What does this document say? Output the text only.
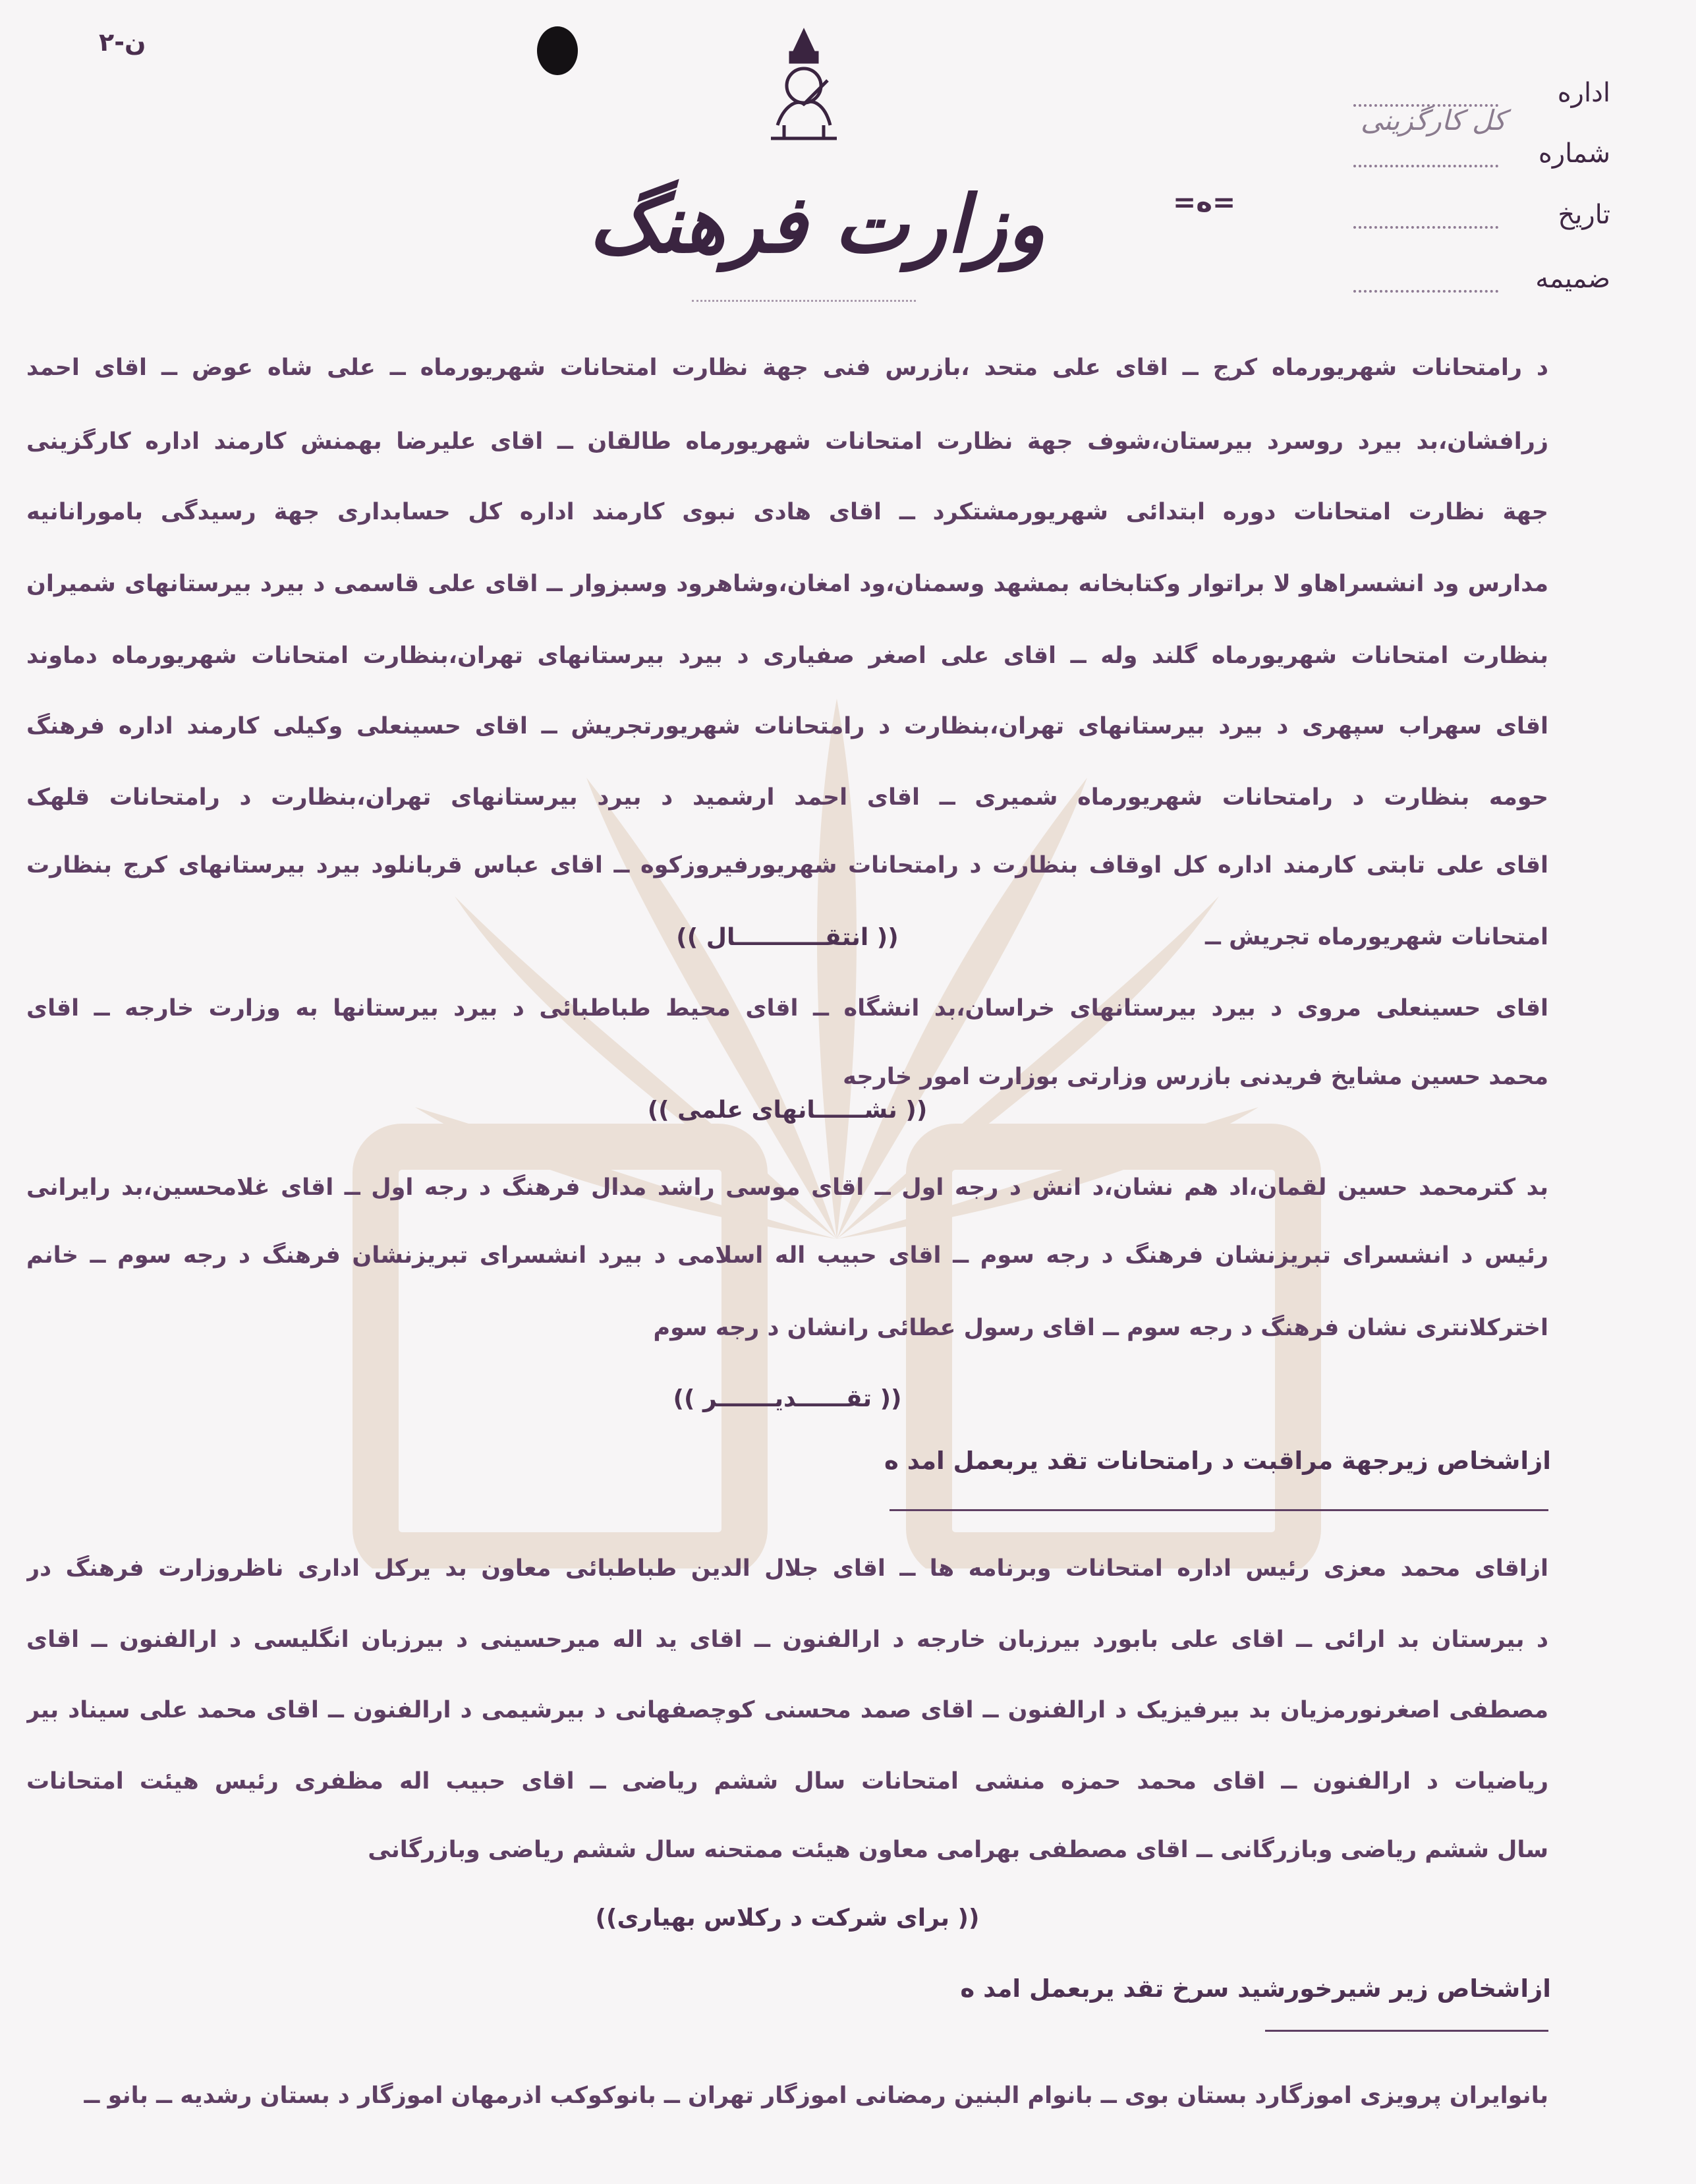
ن-۲
وزارت فرهنگ	=ه=
اداره
کل کارگزینی
شماره
تاریخ
ضمیمه
د رامتحانات شهریورماه کرج ــ اقای علی متحد ،بازرس فنی جهة نظارت امتحانات شهریورماه ــ علی شاه عوض ــ اقای احمد
زرافشان،بد بیرد روسرد بیرستان،شوف جهة نظارت امتحانات شهریورماه طالقان ــ اقای علیرضا بهمنش کارمند اداره کارگزینی
جهة نظارت امتحانات دوره ابتدائی شهریورمشتکرد ــ اقای هادی نبوی کارمند اداره کل حسابداری جهة رسیدگی بامورانانیه
مدارس ود انشسراهاو لا براتوار وکتابخانه بمشهد وسمنان،ود امغان،وشاهرود وسبزوار ــ اقای علی قاسمی د بیرد بیرستانهای شمیران
بنظارت امتحانات شهریورماه گلند وله ــ اقای علی اصغر صفیاری د بیرد بیرستانهای تهران،بنظارت امتحانات شهریورماه دماوند
اقای سهراب سپهری د بیرد بیرستانهای تهران،بنظارت د رامتحانات شهریورتجریش ــ اقای حسینعلی وکیلی کارمند اداره فرهنگ
حومه بنظارت د رامتحانات شهریورماه شمیری ــ اقای احمد ارشمید د بیرد بیرستانهای تهران،بنظارت د رامتحانات قلهک
اقای علی تابتی کارمند اداره کل اوقاف بنظارت د رامتحانات شهریورفیروزکوه ــ اقای عباس قربانلود بیرد بیرستانهای کرج بنظارت
امتحانات شهریورماه تجریش ــ
(( انتقـــــــــــال ))
اقای حسینعلی مروی د بیرد بیرستانهای خراسان،بد انشگاه ــ اقای محیط طباطبائی د بیرد بیرستانها به وزارت خارجه ــ اقای
محمد حسین مشایخ فریدنی بازرس وزارتی بوزارت امور خارجه
(( نشــــــانهای علمی ))
بد کترمحمد حسین لقمان،اد هم نشان،د انش د رجه اول ــ اقای موسی راشد مدال فرهنگ د رجه اول ــ اقای غلامحسین،بد رایرانی
رئیس د انشسرای تبریزنشان فرهنگ د رجه سوم ــ اقای حبیب اله اسلامی د بیرد انشسرای تبریزنشان فرهنگ د رجه سوم ــ خانم
اخترکلانتری نشان فرهنگ د رجه سوم ــ اقای رسول عطائی رانشان د رجه سوم
(( تقــــــدیـــــــر ))
ازاشخاص زیرجهة مراقبت د رامتحانات تقد یربعمل امد ه
ازاقای محمد معزی رئیس اداره امتحانات وبرنامه ها ــ اقای جلال الدین طباطبائی معاون بد یرکل اداری ناظروزارت فرهنگ در
د بیرستان بد ارائی ــ اقای علی بابورد بیرزبان خارجه د ارالفنون ــ اقای ید اله میرحسینی د بیرزبان انگلیسی د ارالفنون ــ اقای
مصطفی اصغرنورمزیان بد بیرفیزیک د ارالفنون ــ اقای صمد محسنی کوچصفهانی د بیرشیمی د ارالفنون ــ اقای محمد علی سیناد بیر
ریاضیات د ارالفنون ــ اقای محمد حمزه منشی امتحانات سال ششم ریاضی ــ اقای حبیب اله مظفری رئیس هیئت امتحانات
سال ششم ریاضی وبازرگانی ــ اقای مصطفی بهرامی معاون هیئت ممتحنه سال ششم ریاضی وبازرگانی
(( برای شرکت د رکلاس بهیاری))
ازاشخاص زیر شیرخورشید سرخ تقد یربعمل امد ه
بانوایران پرویزی اموزگارد بستان بوی ــ بانوام البنین رمضانی اموزگار تهران ــ بانوکوکب اذرمهان اموزگار د بستان رشدیه ــ بانو ــ
